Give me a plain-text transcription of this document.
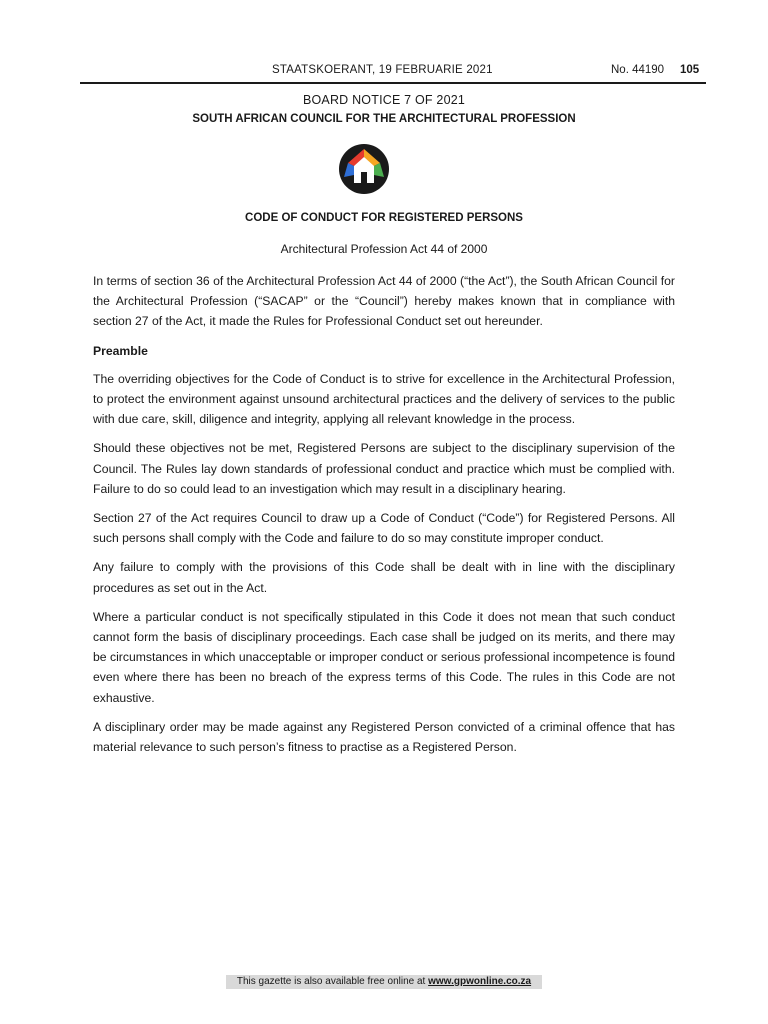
STAATSKOERANT, 19 FEBRUARIE 2021	No. 44190 105
BOARD NOTICE 7 OF 2021
SOUTH AFRICAN COUNCIL FOR THE ARCHITECTURAL PROFESSION
CODE OF CONDUCT FOR REGISTERED PERSONS
Architectural Profession Act 44 of 2000

In terms of section 36 of the Architectural Profession Act 44 of 2000 (“the Act”), the South African Council for the Architectural Profession (“SACAP” or the “Council”) hereby makes known that in compliance with section 27 of the Act, it made the Rules for Professional Conduct set out hereunder.

Preamble

The overriding objectives for the Code of Conduct is to strive for excellence in the Architectural Profession, to protect the environment against unsound architectural practices and the delivery of services to the public with due care, skill, diligence and integrity, applying all relevant knowledge in the process.

Should these objectives not be met, Registered Persons are subject to the disciplinary supervision of the Council. The Rules lay down standards of professional conduct and practice which must be complied with. Failure to do so could lead to an investigation which may result in a disciplinary hearing.

Section 27 of the Act requires Council to draw up a Code of Conduct (“Code”) for Registered Persons. All such persons shall comply with the Code and failure to do so may constitute improper conduct.

Any failure to comply with the provisions of this Code shall be dealt with in line with the disciplinary procedures as set out in the Act.

Where a particular conduct is not specifically stipulated in this Code it does not mean that such conduct cannot form the basis of disciplinary proceedings. Each case shall be judged on its merits, and there may be circumstances in which unacceptable or improper conduct or serious professional incompetence is found even where there has been no breach of the express terms of this Code. The rules in this Code are not exhaustive.

A disciplinary order may be made against any Registered Person convicted of a criminal offence that has material relevance to such person’s fitness to practise as a Registered Person.

This gazette is also available free online at www.gpwonline.co.za
